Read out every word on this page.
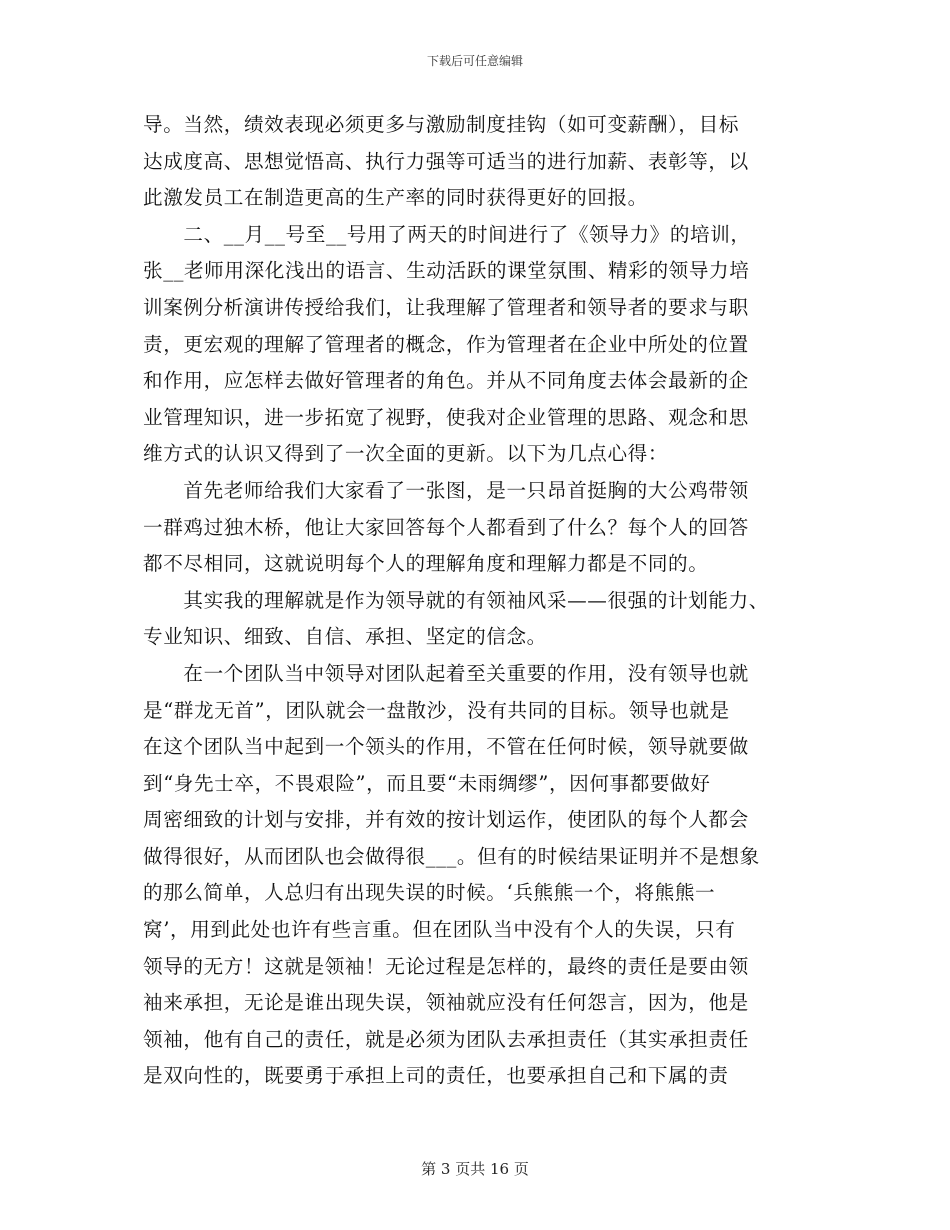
下载后可任意编辑
导。当然，绩效表现必须更多与激励制度挂钩（如可变薪酬），目标
达成度高、思想觉悟高、执行力强等可适当的进行加薪、表彰等，以
此激发员工在制造更高的生产率的同时获得更好的回报。
　　二、__月__号至__号用了两天的时间进行了《领导力》的培训，
张__老师用深化浅出的语言、生动活跃的课堂氛围、精彩的领导力培
训案例分析演讲传授给我们，让我理解了管理者和领导者的要求与职
责，更宏观的理解了管理者的概念，作为管理者在企业中所处的位置
和作用，应怎样去做好管理者的角色。并从不同角度去体会最新的企
业管理知识，进一步拓宽了视野，使我对企业管理的思路、观念和思
维方式的认识又得到了一次全面的更新。以下为几点心得：
　　首先老师给我们大家看了一张图，是一只昂首挺胸的大公鸡带领
一群鸡过独木桥，他让大家回答每个人都看到了什么？每个人的回答
都不尽相同，这就说明每个人的理解角度和理解力都是不同的。
　　其实我的理解就是作为领导就的有领袖风采——很强的计划能力、
专业知识、细致、自信、承担、坚定的信念。
　　在一个团队当中领导对团队起着至关重要的作用，没有领导也就
是“群龙无首”，团队就会一盘散沙，没有共同的目标。领导也就是
在这个团队当中起到一个领头的作用，不管在任何时候，领导就要做
到“身先士卒，不畏艰险”，而且要“未雨绸缪”，因何事都要做好
周密细致的计划与安排，并有效的按计划运作，使团队的每个人都会
做得很好，从而团队也会做得很___。但有的时候结果证明并不是想象
的那么简单，人总归有出现失误的时候。‘兵熊熊一个，将熊熊一
窝’，用到此处也许有些言重。但在团队当中没有个人的失误，只有
领导的无方！这就是领袖！无论过程是怎样的，最终的责任是要由领
袖来承担，无论是谁出现失误，领袖就应没有任何怨言，因为，他是
领袖，他有自己的责任，就是必须为团队去承担责任（其实承担责任
是双向性的，既要勇于承担上司的责任，也要承担自己和下属的责
第 3 页共 16 页
